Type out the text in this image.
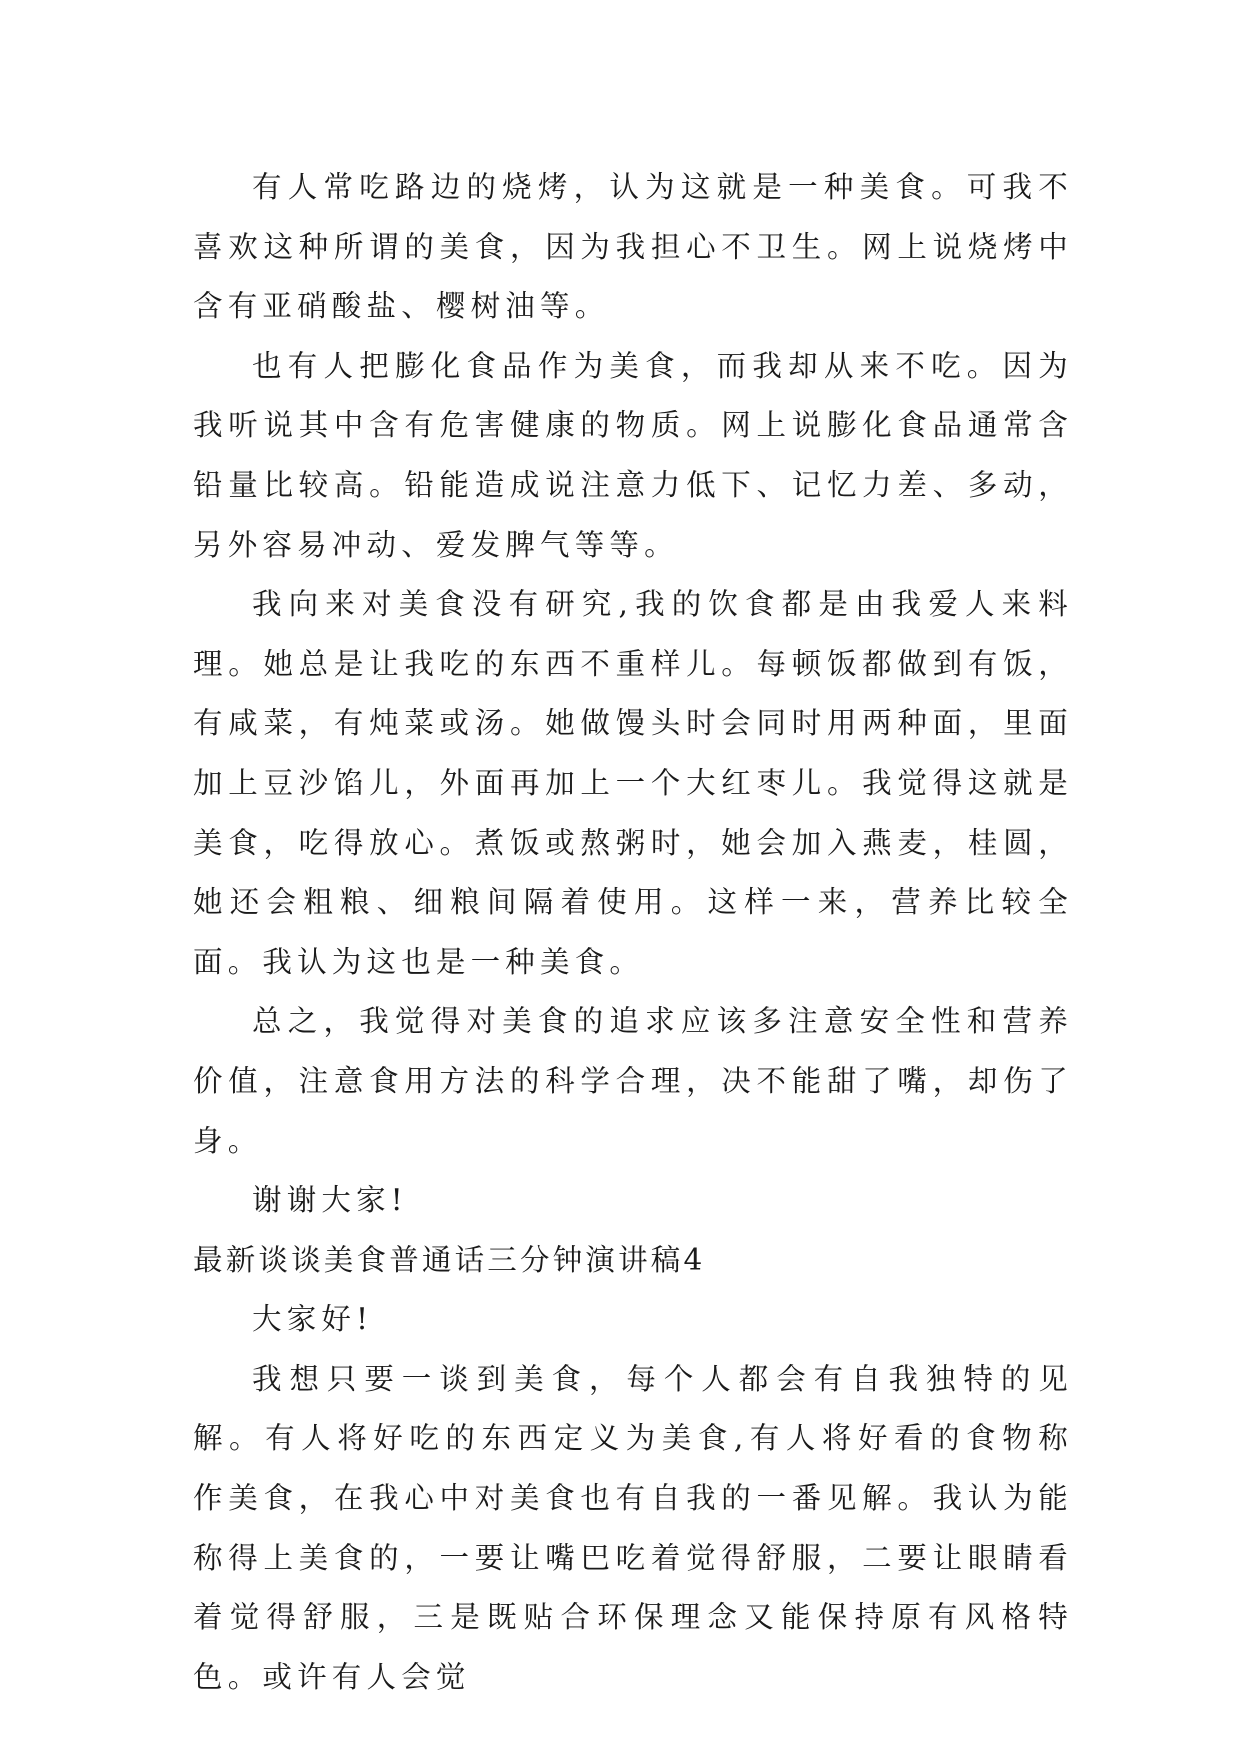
有人常吃路边的烧烤，认为这就是一种美食。可我不喜欢这种所谓的美食，因为我担心不卫生。网上说烧烤中含有亚硝酸盐、樱树油等。

也有人把膨化食品作为美食，而我却从来不吃。因为我听说其中含有危害健康的物质。网上说膨化食品通常含铅量比较高。铅能造成说注意力低下、记忆力差、多动，另外容易冲动、爱发脾气等等。

我向来对美食没有研究,我的饮食都是由我爱人来料理。她总是让我吃的东西不重样儿。每顿饭都做到有饭，有咸菜，有炖菜或汤。她做馒头时会同时用两种面，里面加上豆沙馅儿，外面再加上一个大红枣儿。我觉得这就是美食，吃得放心。煮饭或熬粥时，她会加入燕麦，桂圆，她还会粗粮、细粮间隔着使用。这样一来，营养比较全面。我认为这也是一种美食。

总之，我觉得对美食的追求应该多注意安全性和营养价值，注意食用方法的科学合理，决不能甜了嘴，却伤了身。

谢谢大家!

最新谈谈美食普通话三分钟演讲稿4

大家好!

我想只要一谈到美食，每个人都会有自我独特的见解。有人将好吃的东西定义为美食,有人将好看的食物称作美食，在我心中对美食也有自我的一番见解。我认为能称得上美食的，一要让嘴巴吃着觉得舒服，二要让眼睛看着觉得舒服，三是既贴合环保理念又能保持原有风格特色。或许有人会觉
